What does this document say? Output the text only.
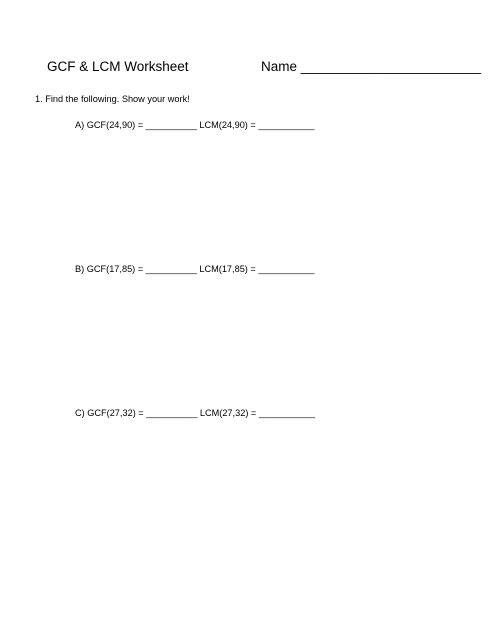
GCF & LCM Worksheet	Name ________________________
1. Find the following. Show your work!
A) GCF(24,90) = __________ LCM(24,90) = ___________
B) GCF(17,85) = __________ LCM(17,85) = ___________
C) GCF(27,32) = __________ LCM(27,32) = ___________
